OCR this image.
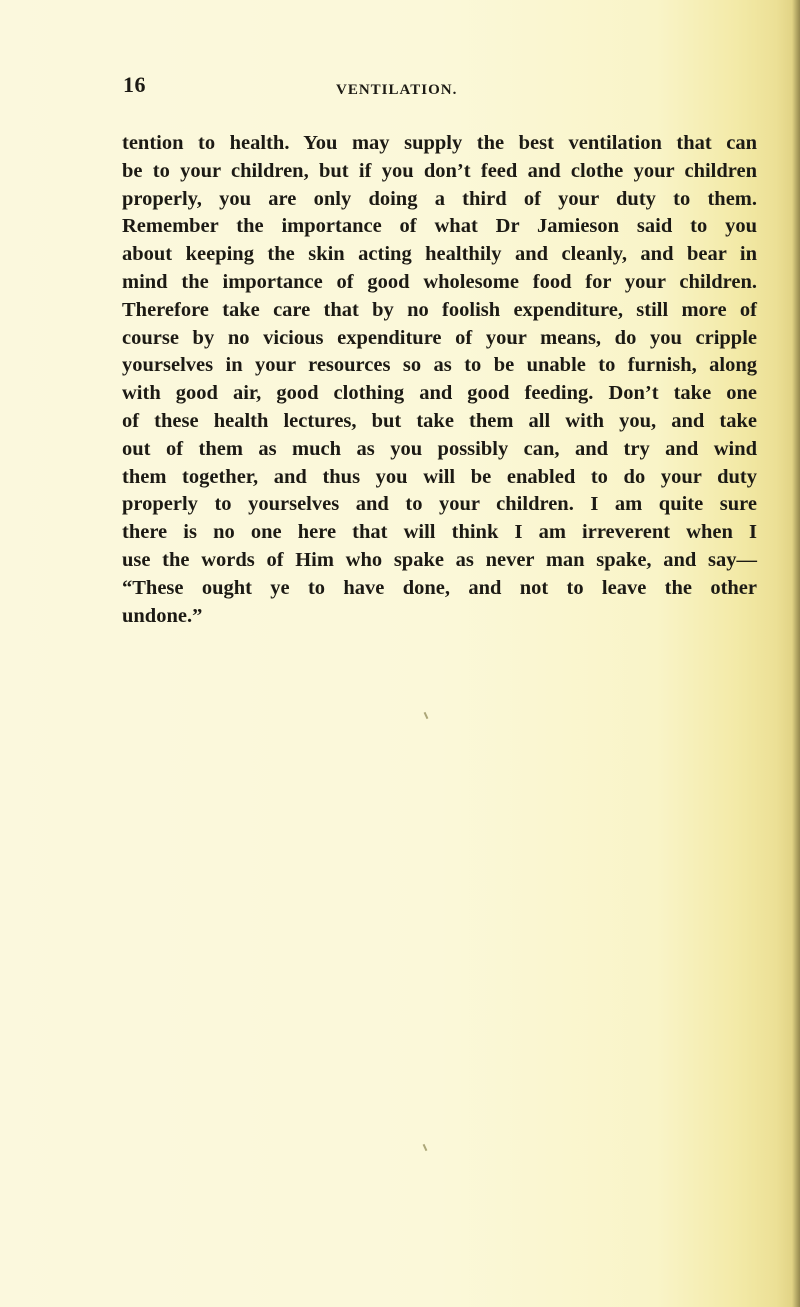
16	VENTILATION.
tention to health. You may supply the best ventilation that can
be to your children, but if you don’t feed and clothe your children
properly, you are only doing a third of your duty to them.
Remember the importance of what Dr Jamieson said to you
about keeping the skin acting healthily and cleanly, and bear in
mind the importance of good wholesome food for your children.
Therefore take care that by no foolish expenditure, still more of
course by no vicious expenditure of your means, do you cripple
yourselves in your resources so as to be unable to furnish, along
with good air, good clothing and good feeding. Don’t take one
of these health lectures, but take them all with you, and take
out of them as much as you possibly can, and try and wind
them together, and thus you will be enabled to do your duty
properly to yourselves and to your children. I am quite sure
there is no one here that will think I am irreverent when I
use the words of Him who spake as never man spake, and say—
“These ought ye to have done, and not to leave the other
undone.”
